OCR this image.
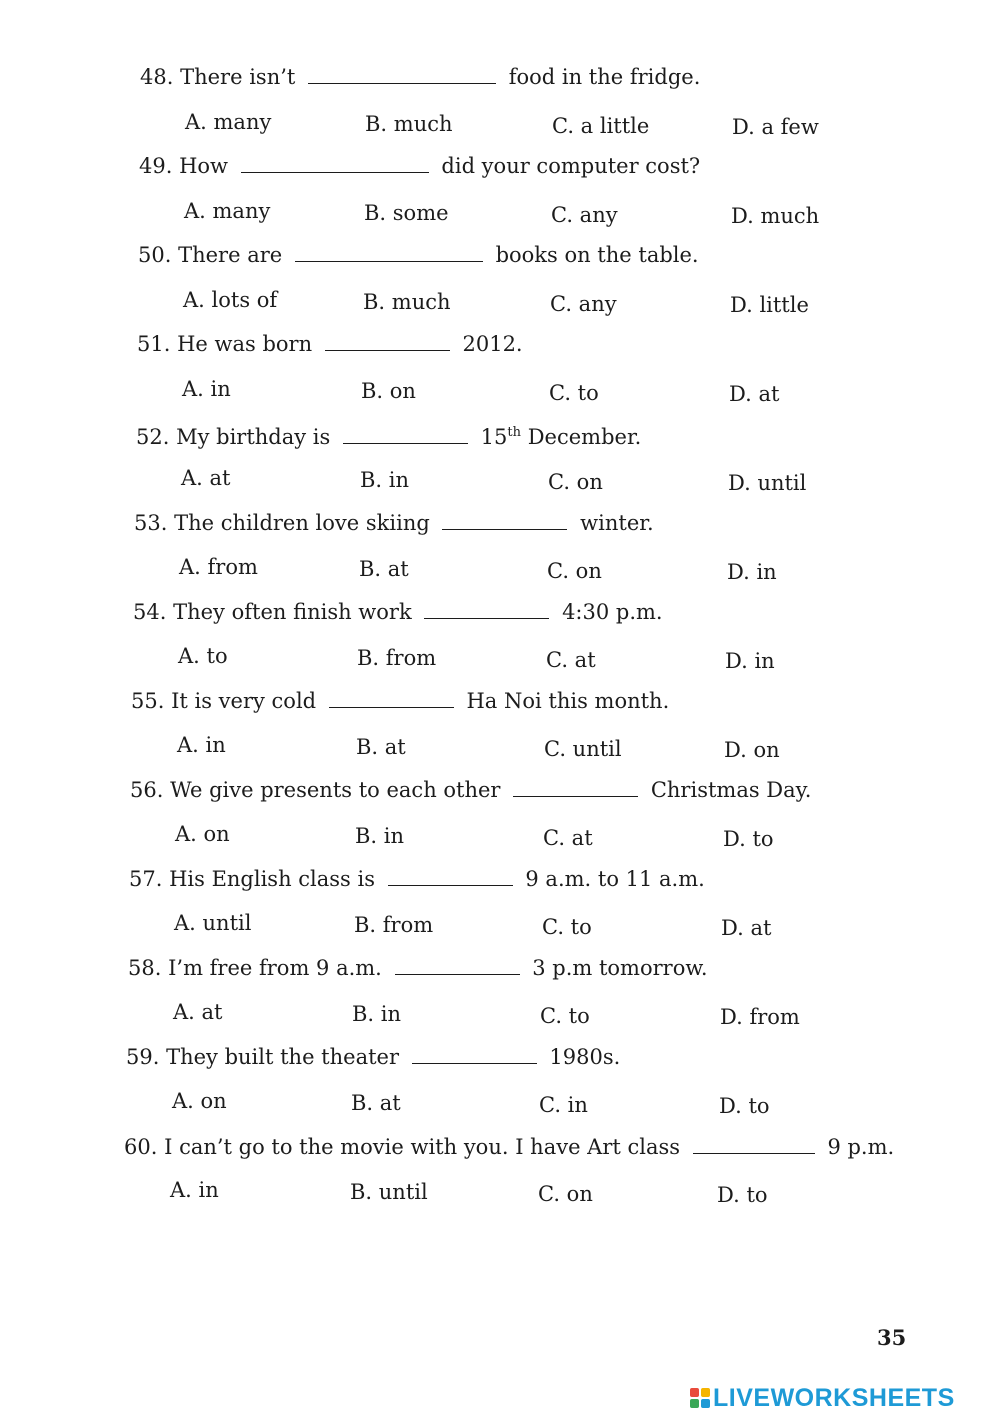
48. There isn’t	food in the fridge.
A. many	B. much	C. a little	D. a few
49. How	did your computer cost?
A. many	B. some	C. any	D. much
50. There are	books on the table.
A. lots of	B. much	C. any	D. little
51. He was born	2012.
A. in	B. on	C. to	D. at
52. My birthday is	15th December.
A. at	B. in	C. on	D. until
53. The children love skiing	winter.
A. from	B. at	C. on	D. in
54. They often finish work	4:30 p.m.
A. to	B. from	C. at	D. in
55. It is very cold	Ha Noi this month.
A. in	B. at	C. until	D. on
56. We give presents to each other	Christmas Day.
A. on	B. in	C. at	D. to
57. His English class is	9 a.m. to 11 a.m.
A. until	B. from	C. to	D. at
58. I’m free from 9 a.m.	3 p.m tomorrow.
A. at	B. in	C. to	D. from
59. They built the theater	1980s.
A. on	B. at	C. in	D. to
60. I can’t go to the movie with you. I have Art class	9 p.m.
A. in	B. until	C. on	D. to
35
LIVEWORKSHEETS
